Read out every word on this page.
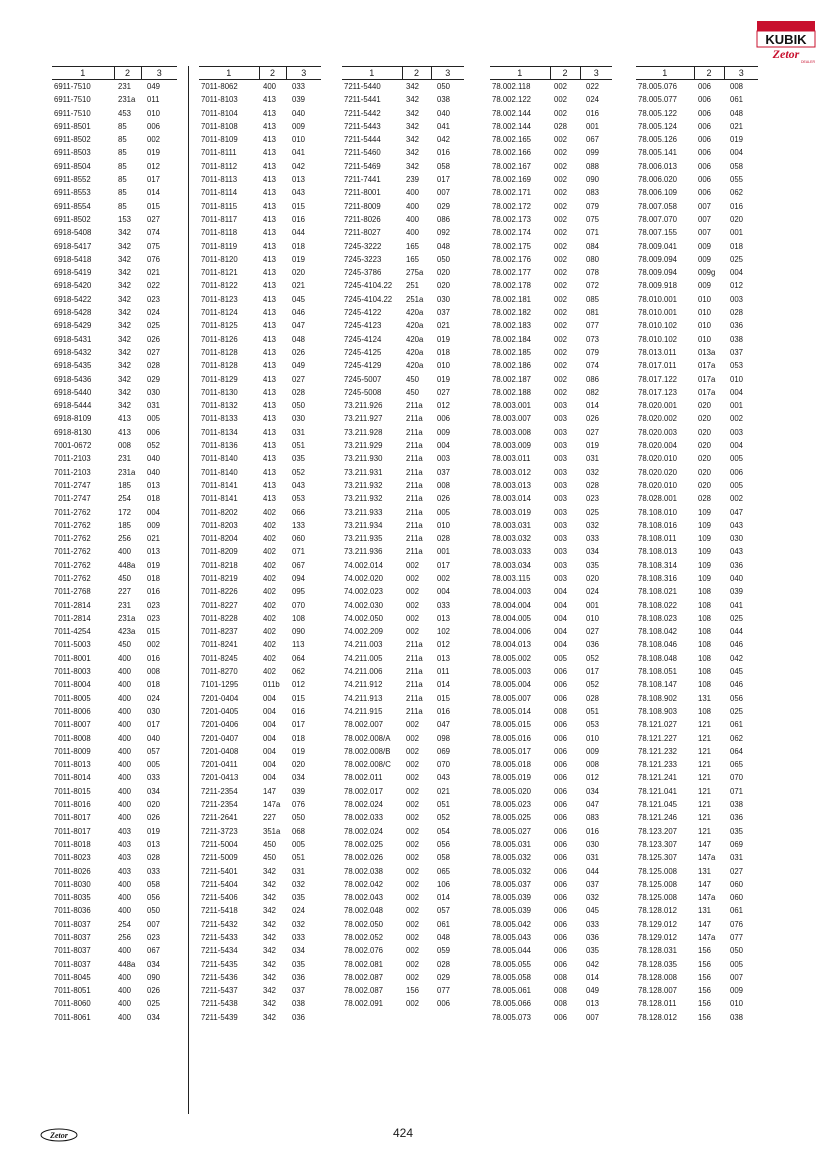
KUBIK
Zetor
DEALER
1	2	3
6911-7510	231	049
6911-7510	231a	011
6911-7510	453	010
6911-8501	85	006
6911-8502	85	002
6911-8503	85	019
6911-8504	85	012
6911-8552	85	017
6911-8553	85	014
6911-8554	85	015
6911-8502	153	027
6918-5408	342	074
6918-5417	342	075
6918-5418	342	076
6918-5419	342	021
6918-5420	342	022
6918-5422	342	023
6918-5428	342	024
6918-5429	342	025
6918-5431	342	026
6918-5432	342	027
6918-5435	342	028
6918-5436	342	029
6918-5440	342	030
6918-5444	342	031
6918-8109	413	005
6918-8130	413	006
7001-0672	008	052
7011-2103	231	040
7011-2103	231a	040
7011-2747	185	013
7011-2747	254	018
7011-2762	172	004
7011-2762	185	009
7011-2762	256	021
7011-2762	400	013
7011-2762	448a	019
7011-2762	450	018
7011-2768	227	016
7011-2814	231	023
7011-2814	231a	023
7011-4254	423a	015
7011-5003	450	002
7011-8001	400	016
7011-8003	400	008
7011-8004	400	018
7011-8005	400	024
7011-8006	400	030
7011-8007	400	017
7011-8008	400	040
7011-8009	400	057
7011-8013	400	005
7011-8014	400	033
7011-8015	400	034
7011-8016	400	020
7011-8017	400	026
7011-8017	403	019
7011-8018	403	013
7011-8023	403	028
7011-8026	403	033
7011-8030	400	058
7011-8035	400	056
7011-8036	400	050
7011-8037	254	007
7011-8037	256	023
7011-8037	400	067
7011-8037	448a	034
7011-8045	400	090
7011-8051	400	026
7011-8060	400	025
7011-8061	400	034
1	2	3
7011-8062	400	033
7011-8103	413	039
7011-8104	413	040
7011-8108	413	009
7011-8109	413	010
7011-8111	413	041
7011-8112	413	042
7011-8113	413	013
7011-8114	413	043
7011-8115	413	015
7011-8117	413	016
7011-8118	413	044
7011-8119	413	018
7011-8120	413	019
7011-8121	413	020
7011-8122	413	021
7011-8123	413	045
7011-8124	413	046
7011-8125	413	047
7011-8126	413	048
7011-8128	413	026
7011-8128	413	049
7011-8129	413	027
7011-8130	413	028
7011-8132	413	050
7011-8133	413	030
7011-8134	413	031
7011-8136	413	051
7011-8140	413	035
7011-8140	413	052
7011-8141	413	043
7011-8141	413	053
7011-8202	402	066
7011-8203	402	133
7011-8204	402	060
7011-8209	402	071
7011-8218	402	067
7011-8219	402	094
7011-8226	402	095
7011-8227	402	070
7011-8228	402	108
7011-8237	402	090
7011-8241	402	113
7011-8245	402	064
7011-8270	402	062
7101-1295	011b	012
7201-0404	004	015
7201-0405	004	016
7201-0406	004	017
7201-0407	004	018
7201-0408	004	019
7201-0411	004	020
7201-0413	004	034
7211-2354	147	039
7211-2354	147a	076
7211-2641	227	050
7211-3723	351a	068
7211-5004	450	005
7211-5009	450	051
7211-5401	342	031
7211-5404	342	032
7211-5406	342	035
7211-5418	342	024
7211-5432	342	032
7211-5433	342	033
7211-5434	342	034
7211-5435	342	035
7211-5436	342	036
7211-5437	342	037
7211-5438	342	038
7211-5439	342	036
1	2	3
7211-5440	342	050
7211-5441	342	038
7211-5442	342	040
7211-5443	342	041
7211-5444	342	042
7211-5460	342	016
7211-5469	342	058
7211-7441	239	017
7211-8001	400	007
7211-8009	400	029
7211-8026	400	086
7211-8027	400	092
7245-3222	165	048
7245-3223	165	050
7245-3786	275a	020
7245-4104.22	251	020
7245-4104.22	251a	030
7245-4122	420a	037
7245-4123	420a	021
7245-4124	420a	019
7245-4125	420a	018
7245-4129	420a	010
7245-5007	450	019
7245-5008	450	027
73.211.926	211a	012
73.211.927	211a	006
73.211.928	211a	009
73.211.929	211a	004
73.211.930	211a	003
73.211.931	211a	037
73.211.932	211a	008
73.211.932	211a	026
73.211.933	211a	005
73.211.934	211a	010
73.211.935	211a	028
73.211.936	211a	001
74.002.014	002	017
74.002.020	002	002
74.002.023	002	004
74.002.030	002	033
74.002.050	002	013
74.002.209	002	102
74.211.003	211a	012
74.211.005	211a	013
74.211.006	211a	011
74.211.912	211a	014
74.211.913	211a	015
74.211.915	211a	016
78.002.007	002	047
78.002.008/A	002	098
78.002.008/B	002	069
78.002.008/C	002	070
78.002.011	002	043
78.002.017	002	021
78.002.024	002	051
78.002.033	002	052
78.002.024	002	054
78.002.025	002	056
78.002.026	002	058
78.002.038	002	065
78.002.042	002	106
78.002.043	002	014
78.002.048	002	057
78.002.050	002	061
78.002.052	002	048
78.002.076	002	059
78.002.081	002	028
78.002.087	002	029
78.002.087	156	077
78.002.091	002	006
1	2	3
78.002.118	002	022
78.002.122	002	024
78.002.144	002	016
78.002.144	028	001
78.002.165	002	067
78.002.166	002	099
78.002.167	002	088
78.002.169	002	090
78.002.171	002	083
78.002.172	002	079
78.002.173	002	075
78.002.174	002	071
78.002.175	002	084
78.002.176	002	080
78.002.177	002	078
78.002.178	002	072
78.002.181	002	085
78.002.182	002	081
78.002.183	002	077
78.002.184	002	073
78.002.185	002	079
78.002.186	002	074
78.002.187	002	086
78.002.188	002	082
78.003.001	003	014
78.003.007	003	026
78.003.008	003	027
78.003.009	003	019
78.003.011	003	031
78.003.012	003	032
78.003.013	003	028
78.003.014	003	023
78.003.019	003	025
78.003.031	003	032
78.003.032	003	033
78.003.033	003	034
78.003.034	003	035
78.003.115	003	020
78.004.003	004	024
78.004.004	004	001
78.004.005	004	010
78.004.006	004	027
78.004.013	004	036
78.005.002	005	052
78.005.003	006	017
78.005.004	006	052
78.005.007	006	028
78.005.014	008	051
78.005.015	006	053
78.005.016	006	010
78.005.017	006	009
78.005.018	006	008
78.005.019	006	012
78.005.020	006	034
78.005.023	006	047
78.005.025	006	083
78.005.027	006	016
78.005.031	006	030
78.005.032	006	031
78.005.032	006	044
78.005.037	006	037
78.005.039	006	032
78.005.039	006	045
78.005.042	006	033
78.005.043	006	036
78.005.044	006	035
78.005.055	006	042
78.005.058	008	014
78.005.061	008	049
78.005.066	008	013
78.005.073	006	007
1	2	3
78.005.076	006	008
78.005.077	006	061
78.005.122	006	048
78.005.124	006	021
78.005.126	006	019
78.005.141	006	004
78.006.013	006	058
78.006.020	006	055
78.006.109	006	062
78.007.058	007	016
78.007.070	007	020
78.007.155	007	001
78.009.041	009	018
78.009.094	009	025
78.009.094	009g	004
78.009.918	009	012
78.010.001	010	003
78.010.001	010	028
78.010.102	010	036
78.010.102	010	038
78.013.011	013a	037
78.017.011	017a	053
78.017.122	017a	010
78.017.123	017a	004
78.020.001	020	001
78.020.002	020	002
78.020.003	020	003
78.020.004	020	004
78.020.010	020	005
78.020.020	020	006
78.020.010	020	005
78.028.001	028	002
78.108.010	109	047
78.108.016	109	043
78.108.011	109	030
78.108.013	109	043
78.108.314	109	036
78.108.316	109	040
78.108.021	108	039
78.108.022	108	041
78.108.023	108	025
78.108.042	108	044
78.108.046	108	046
78.108.048	108	042
78.108.051	108	045
78.108.147	108	046
78.108.902	131	056
78.108.903	108	025
78.121.027	121	061
78.121.227	121	062
78.121.232	121	064
78.121.233	121	065
78.121.241	121	070
78.121.041	121	071
78.121.045	121	038
78.121.246	121	036
78.123.207	121	035
78.123.307	147	069
78.125.307	147a	031
78.125.008	131	027
78.125.008	147	060
78.125.008	147a	060
78.128.012	131	061
78.129.012	147	076
78.129.012	147a	077
78.128.031	156	050
78.128.035	156	005
78.128.008	156	007
78.128.007	156	009
78.128.011	156	010
78.128.012	156	038
Zetor	424
